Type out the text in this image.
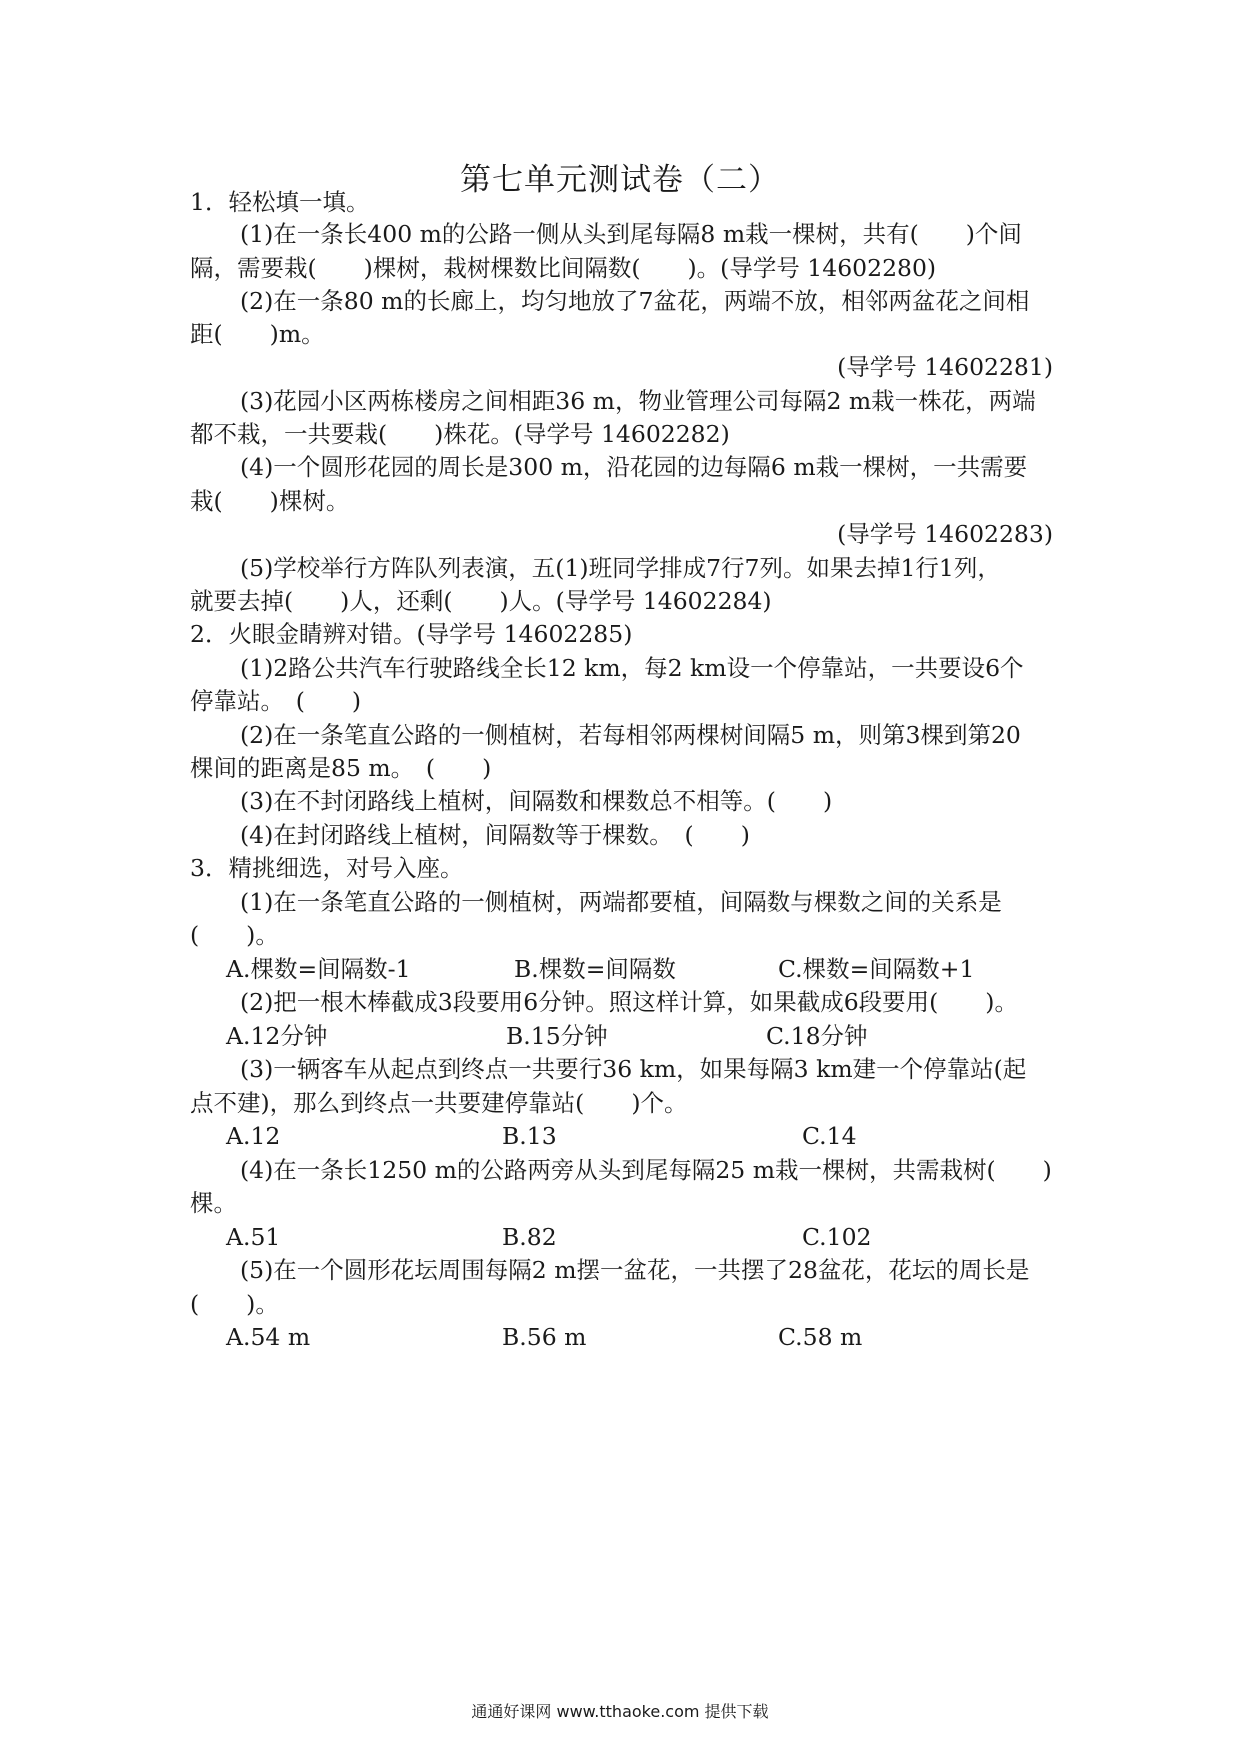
第七单元测试卷（二）
1．轻松填一填。
(1)在一条长400 m的公路一侧从头到尾每隔8 m栽一棵树，共有(　　)个间
隔，需要栽(　　)棵树，栽树棵数比间隔数(　　)。(导学号 14602280)
(2)在一条80 m的长廊上，均匀地放了7盆花，两端不放，相邻两盆花之间相
距(　　)m。
(导学号 14602281)
(3)花园小区两栋楼房之间相距36 m，物业管理公司每隔2 m栽一株花，两端
都不栽，一共要栽(　　)株花。(导学号 14602282)
(4)一个圆形花园的周长是300 m，沿花园的边每隔6 m栽一棵树，一共需要
栽(　　)棵树。
(导学号 14602283)
(5)学校举行方阵队列表演，五(1)班同学排成7行7列。如果去掉1行1列，
就要去掉(　　)人，还剩(　　)人。(导学号 14602284)
2．火眼金睛辨对错。(导学号 14602285)
(1)2路公共汽车行驶路线全长12 km，每2 km设一个停靠站，一共要设6个
停靠站。　(　　)
(2)在一条笔直公路的一侧植树，若每相邻两棵树间隔5 m，则第3棵到第20
棵间的距离是85 m。　(　　)
(3)在不封闭路线上植树，间隔数和棵数总不相等。(　　)
(4)在封闭路线上植树，间隔数等于棵数。　(　　)
3．精挑细选，对号入座。
(1)在一条笔直公路的一侧植树，两端都要植，间隔数与棵数之间的关系是
(　　)。
A.棵数=间隔数-1	B.棵数=间隔数	C.棵数=间隔数+1
(2)把一根木棒截成3段要用6分钟。照这样计算，如果截成6段要用(　　)。
A.12分钟	B.15分钟	C.18分钟
(3)一辆客车从起点到终点一共要行36 km，如果每隔3 km建一个停靠站(起
点不建)，那么到终点一共要建停靠站(　　)个。
A.12	B.13	C.14
(4)在一条长1250 m的公路两旁从头到尾每隔25 m栽一棵树，共需栽树(　　)
棵。
A.51	B.82	C.102
(5)在一个圆形花坛周围每隔2 m摆一盆花，一共摆了28盆花，花坛的周长是
(　　)。
A.54 m	B.56 m	C.58 m
通通好课网 www.tthaoke.com 提供下载
